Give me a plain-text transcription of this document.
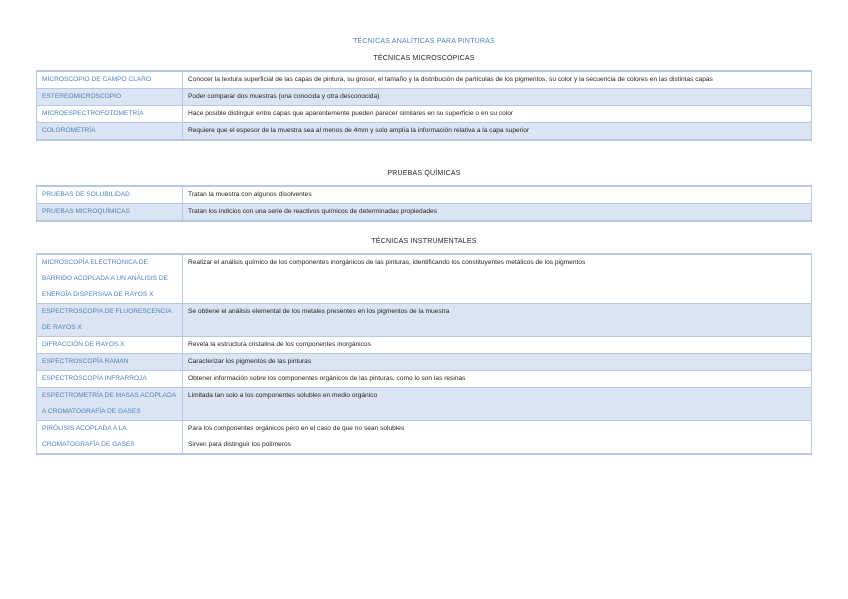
TÉCNICAS ANALÍTICAS PARA PINTURAS
TÉCNICAS MICROSCÓPICAS
MICROSCOPIO DE CAMPO CLARO	Conocer la textura superficial de las capas de pintura, su grosor, el tamaño y la distribución de partículas de los pigmentos, su color y la secuencia de colores en las distintas capas
ESTEREOMICROSCOPIO	Poder comparar dos muestras (una conocida y otra desconocida)
MICROESPECTROFOTOMETRÍA	Hace posible distinguir entre capas que aparentemente pueden parecer similares en su superficie o en su color
COLOROMETRÍA	Requiere que el espesor de la muestra sea al menos de 4mm y solo amplía la información relativa a la capa superior
PRUEBAS QUÍMICAS
PRUEBAS DE SOLUBILIDAD	Tratan la muestra con algunos disolventes
PRUEBAS MICROQUÍMICAS	Tratan los indicios con una serie de reactivos químicos de determinadas propiedades
TÉCNICAS INSTRUMENTALES
MICROSCOPÍA ELECTRÓNICA DE BARRIDO ACOPLADA A UN ANÁLISIS DE ENERGÍA DISPERSIVA DE RAYOS X	Realizar el análisis químico de los componentes inorgánicos de las pinturas, identificando los constituyentes metálicos de los pigmentos
ESPECTROSCOPIA DE FLUORESCENCIA DE RAYOS X	Se obtiene el análisis elemental de los metales presentes en los pigmentos de la muestra
DIFRACCIÓN DE RAYOS X	Revela la estructura cristalina de los componentes inorgánicos
ESPECTROSCOPÍA RAMAN	Caracterizar los pigmentos de las pinturas
ESPECTROSCOPÍA INFRARROJA	Obtener información sobre los componentes orgánicos de las pinturas, como lo son las resinas
ESPECTROMETRÍA DE MASAS ACOPLADA A CROMATOGRAFÍA DE GASES	Limitada tan solo a los componentes solubles en medio orgánico
PIRÓLISIS ACOPLADA A LA CROMATOGRAFÍA DE GASES	Para los componentes orgánicos pero en el caso de que no sean solubles
Sirven para distinguir los polímeros
